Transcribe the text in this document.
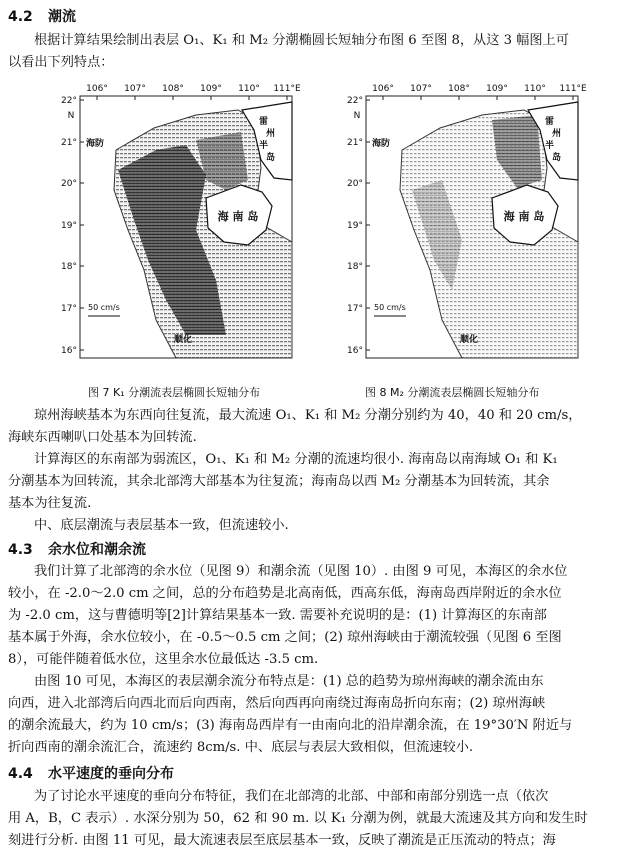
4.2 潮流
根据计算结果绘制出表层 O₁、K₁ 和 M₂ 分潮椭圆长短轴分布图 6 至图 8，从这 3 幅图上可
以看出下列特点：
106° 107° 108° 109° 110° 111°E
22°
N
21°
20°
19°
18°
17°
16°
海防
雷
州
半
岛
海 南 岛
顺化
50 cm/s
图 7 K₁ 分潮流表层椭圆长短轴分布
106° 107° 108° 109° 110° 111°E
22°
N
21°
20°
19°
18°
17°
16°
海防
雷
州
半
岛
海 南 岛
顺化
50 cm/s
图 8 M₂ 分潮流表层椭圆长短轴分布
琼州海峡基本为东西向往复流，最大流速 O₁、K₁ 和 M₂ 分潮分别约为 40，40 和 20 cm/s，
海峡东西喇叭口处基本为回转流.
计算海区的东南部为弱流区，O₁、K₁ 和 M₂ 分潮的流速均很小. 海南岛以南海域 O₁ 和 K₁
分潮基本为回转流，其余北部湾大部基本为往复流；海南岛以西 M₂ 分潮基本为回转流，其余
基本为往复流.
中、底层潮流与表层基本一致，但流速较小.
4.3 余水位和潮余流
我们计算了北部湾的余水位（见图 9）和潮余流（见图 10）. 由图 9 可见，本海区的余水位
较小，在 -2.0～2.0 cm 之间，总的分布趋势是北高南低，西高东低，海南岛西岸附近的余水位
为 -2.0 cm，这与曹德明等[2]计算结果基本一致. 需要补充说明的是：(1) 计算海区的东南部
基本属于外海，余水位较小，在 -0.5～0.5 cm 之间；(2) 琼州海峡由于潮流较强（见图 6 至图
8），可能伴随着低水位，这里余水位最低达 -3.5 cm.
由图 10 可见，本海区的表层潮余流分布特点是：(1) 总的趋势为琼州海峡的潮余流由东
向西，进入北部湾后向西北而后向西南，然后向西再向南绕过海南岛折向东南；(2) 琼州海峡
的潮余流最大，约为 10 cm/s；(3) 海南岛西岸有一由南向北的沿岸潮余流，在 19°30′N 附近与
折向西南的潮余流汇合，流速约 8cm/s. 中、底层与表层大致相似，但流速较小.
4.4 水平速度的垂向分布
为了讨论水平速度的垂向分布特征，我们在北部湾的北部、中部和南部分别选一点（依次
用 A，B，C 表示）. 水深分别为 50，62 和 90 m. 以 K₁ 分潮为例，就最大流速及其方向和发生时
刻进行分析. 由图 11 可见，最大流速表层至底层基本一致，反映了潮流是正压流动的特点；海
